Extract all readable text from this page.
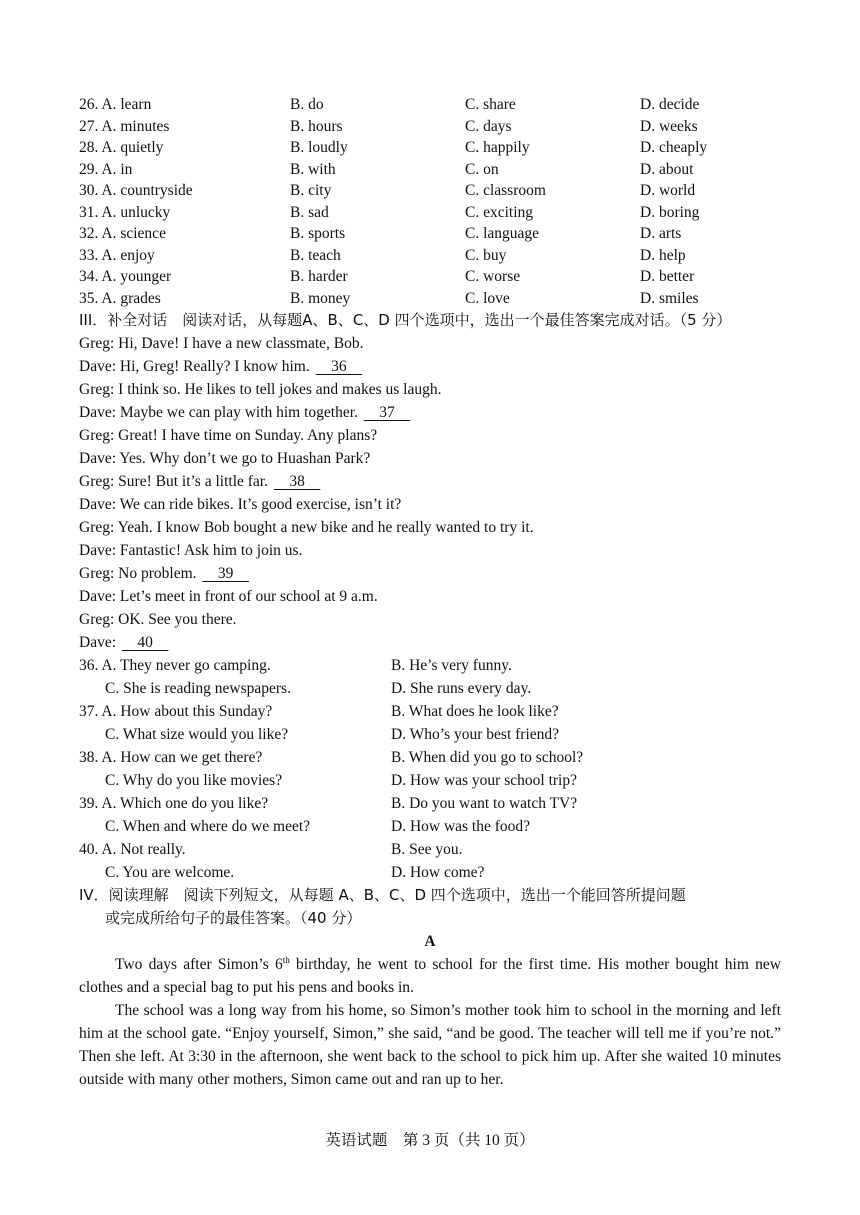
26. A. learn	B. do	C. share	D. decide
27. A. minutes	B. hours	C. days	D. weeks
28. A. quietly	B. loudly	C. happily	D. cheaply
29. A. in	B. with	C. on	D. about
30. A. countryside	B. city	C. classroom	D. world
31. A. unlucky	B. sad	C. exciting	D. boring
32. A. science	B. sports	C. language	D. arts
33. A. enjoy	B. teach	C. buy	D. help
34. A. younger	B. harder	C. worse	D. better
35. A. grades	B. money	C. love	D. smiles
III．补全对话　阅读对话，从每题A、B、C、D 四个选项中，选出一个最佳答案完成对话。（5 分）
Greg: Hi, Dave! I have a new classmate, Bob.
Dave: Hi, Greg! Really? I know him. 36
Greg: I think so. He likes to tell jokes and makes us laugh.
Dave: Maybe we can play with him together. 37
Greg: Great! I have time on Sunday. Any plans?
Dave: Yes. Why don’t we go to Huashan Park?
Greg: Sure! But it’s a little far. 38
Dave: We can ride bikes. It’s good exercise, isn’t it?
Greg: Yeah. I know Bob bought a new bike and he really wanted to try it.
Dave: Fantastic! Ask him to join us.
Greg: No problem. 39
Dave: Let’s meet in front of our school at 9 a.m.
Greg: OK. See you there.
Dave: 40
36. A. They never go camping.	B. He’s very funny.
C. She is reading newspapers.	D. She runs every day.
37. A. How about this Sunday?	B. What does he look like?
C. What size would you like?	D. Who’s your best friend?
38. A. How can we get there?	B. When did you go to school?
C. Why do you like movies?	D. How was your school trip?
39. A. Which one do you like?	B. Do you want to watch TV?
C. When and where do we meet?	D. How was the food?
40. A. Not really.	B. See you.
C. You are welcome.	D. How come?
IV．阅读理解　阅读下列短文，从每题 A、B、C、D 四个选项中，选出一个能回答所提问题
或完成所给句子的最佳答案。（40 分）
A

Two days after Simon’s 6th birthday, he went to school for the first time. His mother bought him new clothes and a special bag to put his pens and books in.

The school was a long way from his home, so Simon’s mother took him to school in the morning and left him at the school gate. “Enjoy yourself, Simon,” she said, “and be good. The teacher will tell me if you’re not.” Then she left. At 3:30 in the afternoon, she went back to the school to pick him up. After she waited 10 minutes outside with many other mothers, Simon came out and ran up to her.

英语试题　第 3 页（共 10 页）
